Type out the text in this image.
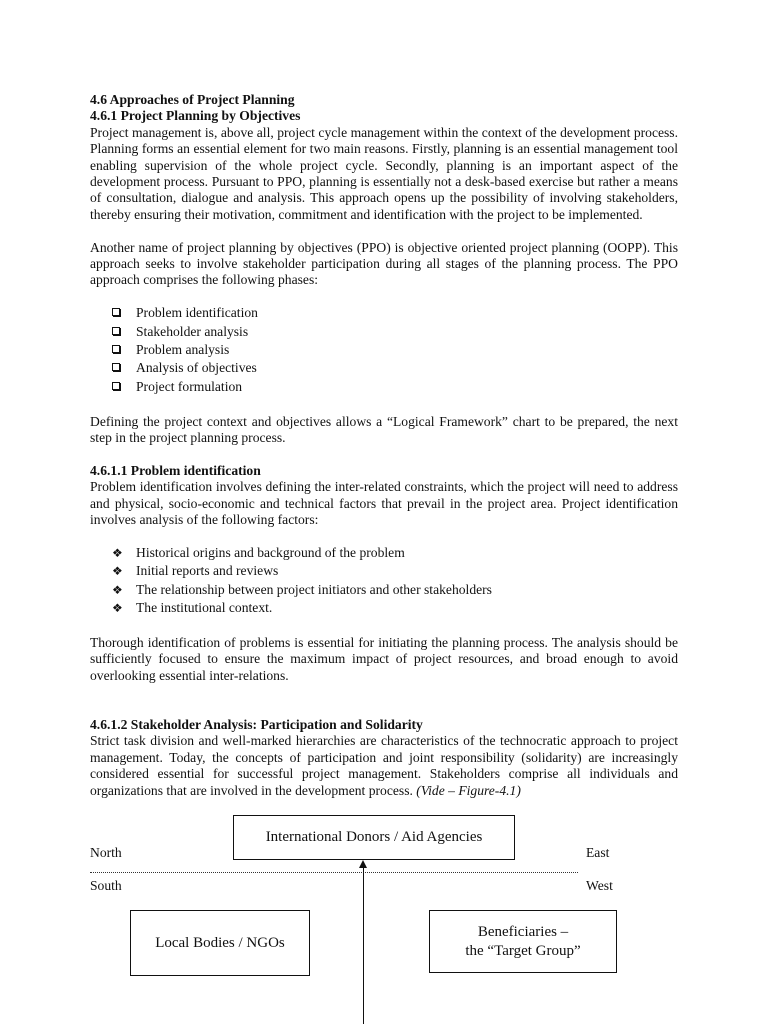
4.6 Approaches of Project Planning
4.6.1 Project Planning by Objectives

Project management is, above all, project cycle management within the context of the development process. Planning forms an essential element for two main reasons. Firstly, planning is an essential management tool enabling supervision of the whole project cycle. Secondly, planning is an important aspect of the development process. Pursuant to PPO, planning is essentially not a desk-based exercise but rather a means of consultation, dialogue and analysis. This approach opens up the possibility of involving stakeholders, thereby ensuring their motivation, commitment and identification with the project to be implemented.

Another name of project planning by objectives (PPO) is objective oriented project planning (OOPP). This approach seeks to involve stakeholder participation during all stages of the planning process. The PPO approach comprises the following phases:

Problem identification
Stakeholder analysis
Problem analysis
Analysis of objectives
Project formulation

Defining the project context and objectives allows a “Logical Framework” chart to be prepared, the next step in the project planning process.

4.6.1.1 Problem identification

Problem identification involves defining the inter-related constraints, which the project will need to address and physical, socio-economic and technical factors that prevail in the project area. Project identification involves analysis of the following factors:

❖ Historical origins and background of the problem
❖ Initial reports and reviews
❖ The relationship between project initiators and other stakeholders
❖ The institutional context.

Thorough identification of problems is essential for initiating the planning process. The analysis should be sufficiently focused to ensure the maximum impact of project resources, and broad enough to avoid overlooking essential inter-relations.

4.6.1.2 Stakeholder Analysis: Participation and Solidarity

Strict task division and well-marked hierarchies are characteristics of the technocratic approach to project management. Today, the concepts of participation and joint responsibility (solidarity) are increasingly considered essential for successful project management. Stakeholders comprise all individuals and organizations that are involved in the development process. (Vide – Figure-4.1)

International Donors / Aid Agencies
North	East
South	West
Local Bodies / NGOs
Beneficiaries –
the “Target Group”
